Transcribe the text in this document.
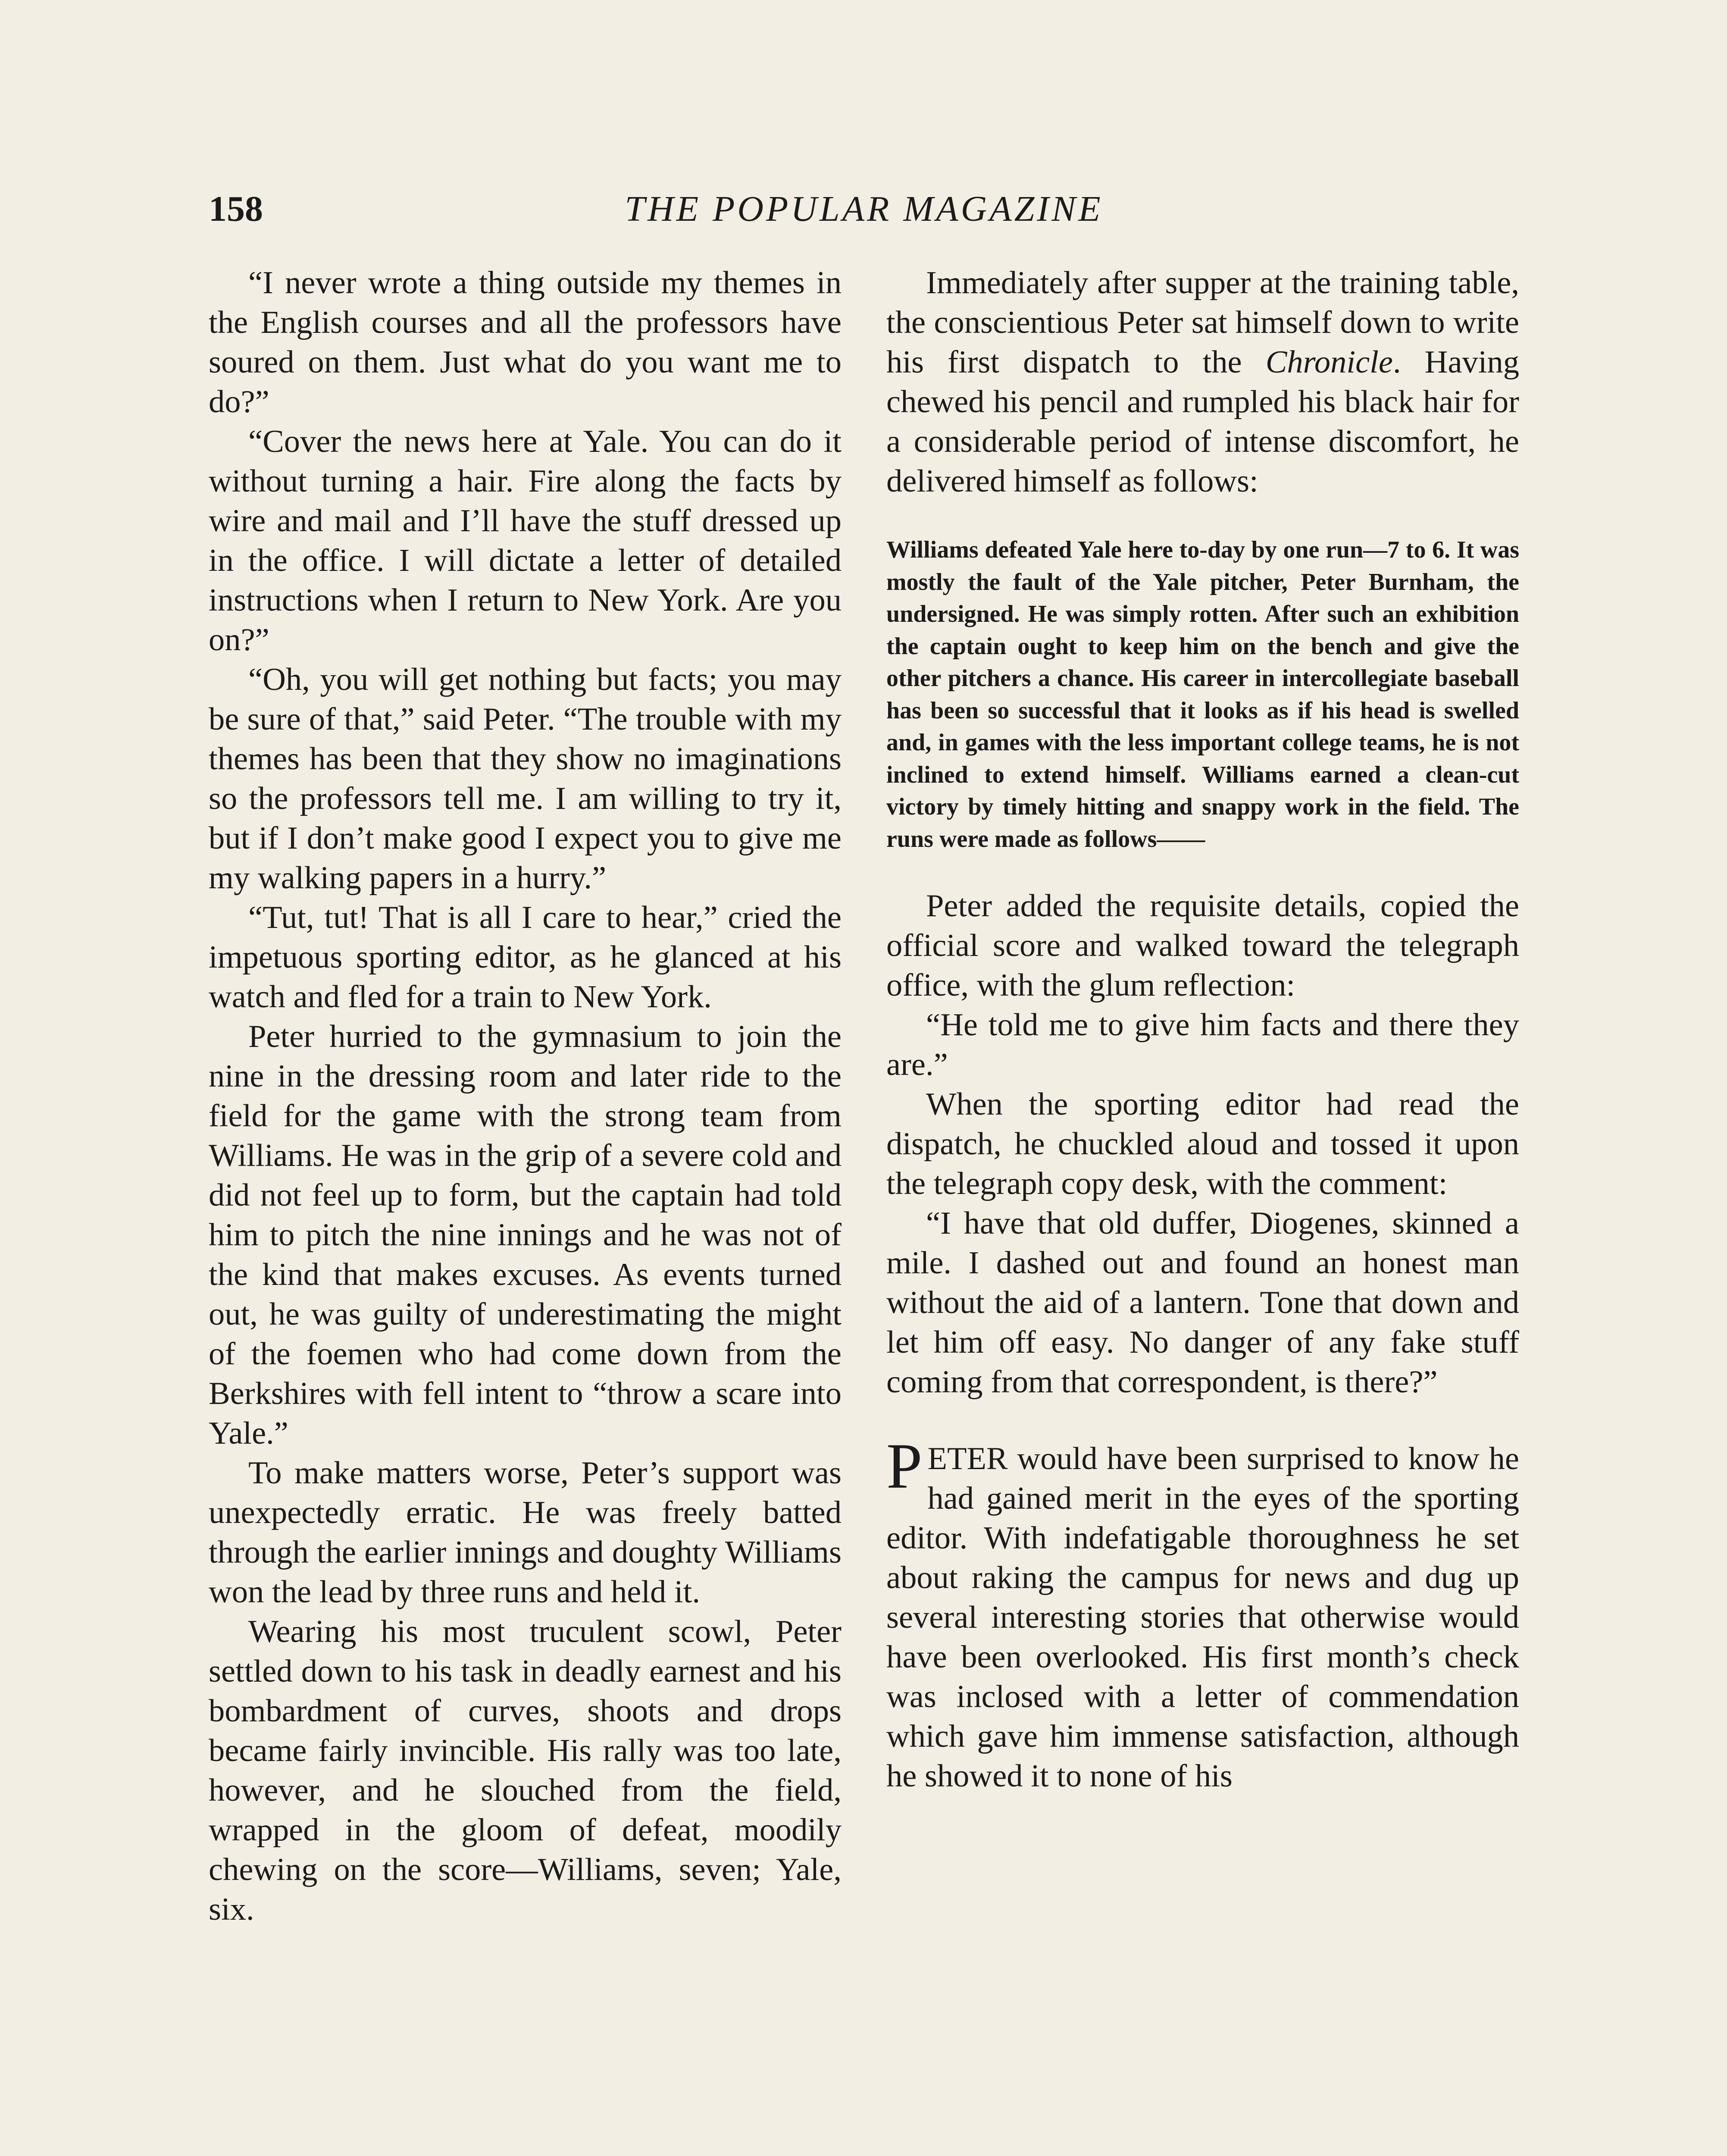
158	THE POPULAR MAGAZINE

“I never wrote a thing outside my themes in the English courses and all the professors have soured on them. Just what do you want me to do?”

“Cover the news here at Yale. You can do it without turning a hair. Fire along the facts by wire and mail and I’ll have the stuff dressed up in the office. I will dictate a letter of detailed instructions when I return to New York. Are you on?”

“Oh, you will get nothing but facts; you may be sure of that,” said Peter. “The trouble with my themes has been that they show no imaginations so the professors tell me. I am willing to try it, but if I don’t make good I expect you to give me my walking papers in a hurry.”

“Tut, tut! That is all I care to hear,” cried the impetuous sporting editor, as he glanced at his watch and fled for a train to New York.

Peter hurried to the gymnasium to join the nine in the dressing room and later ride to the field for the game with the strong team from Williams. He was in the grip of a severe cold and did not feel up to form, but the captain had told him to pitch the nine innings and he was not of the kind that makes excuses. As events turned out, he was guilty of underestimating the might of the foemen who had come down from the Berkshires with fell intent to “throw a scare into Yale.”

To make matters worse, Peter’s support was unexpectedly erratic. He was freely batted through the earlier innings and doughty Williams won the lead by three runs and held it.

Wearing his most truculent scowl, Peter settled down to his task in deadly earnest and his bombardment of curves, shoots and drops became fairly invincible. His rally was too late, however, and he slouched from the field, wrapped in the gloom of defeat, moodily chewing on the score—Williams, seven; Yale, six.

Immediately after supper at the training table, the conscientious Peter sat himself down to write his first dispatch to the Chronicle. Having chewed his pencil and rumpled his black hair for a considerable period of intense discomfort, he delivered himself as follows:

Williams defeated Yale here to-day by one run—7 to 6. It was mostly the fault of the Yale pitcher, Peter Burnham, the undersigned. He was simply rotten. After such an exhibition the captain ought to keep him on the bench and give the other pitchers a chance. His career in intercollegiate baseball has been so successful that it looks as if his head is swelled and, in games with the less important college teams, he is not inclined to extend himself. Williams earned a clean-cut victory by timely hitting and snappy work in the field. The runs were made as follows——

Peter added the requisite details, copied the official score and walked toward the telegraph office, with the glum reflection:

“He told me to give him facts and there they are.”

When the sporting editor had read the dispatch, he chuckled aloud and tossed it upon the telegraph copy desk, with the comment:

“I have that old duffer, Diogenes, skinned a mile. I dashed out and found an honest man without the aid of a lantern. Tone that down and let him off easy. No danger of any fake stuff coming from that correspondent, is there?”

PETER would have been surprised to know he had gained merit in the eyes of the sporting editor. With indefatigable thoroughness he set about raking the campus for news and dug up several interesting stories that otherwise would have been overlooked. His first month’s check was inclosed with a letter of commendation which gave him immense satisfaction, although he showed it to none of his
